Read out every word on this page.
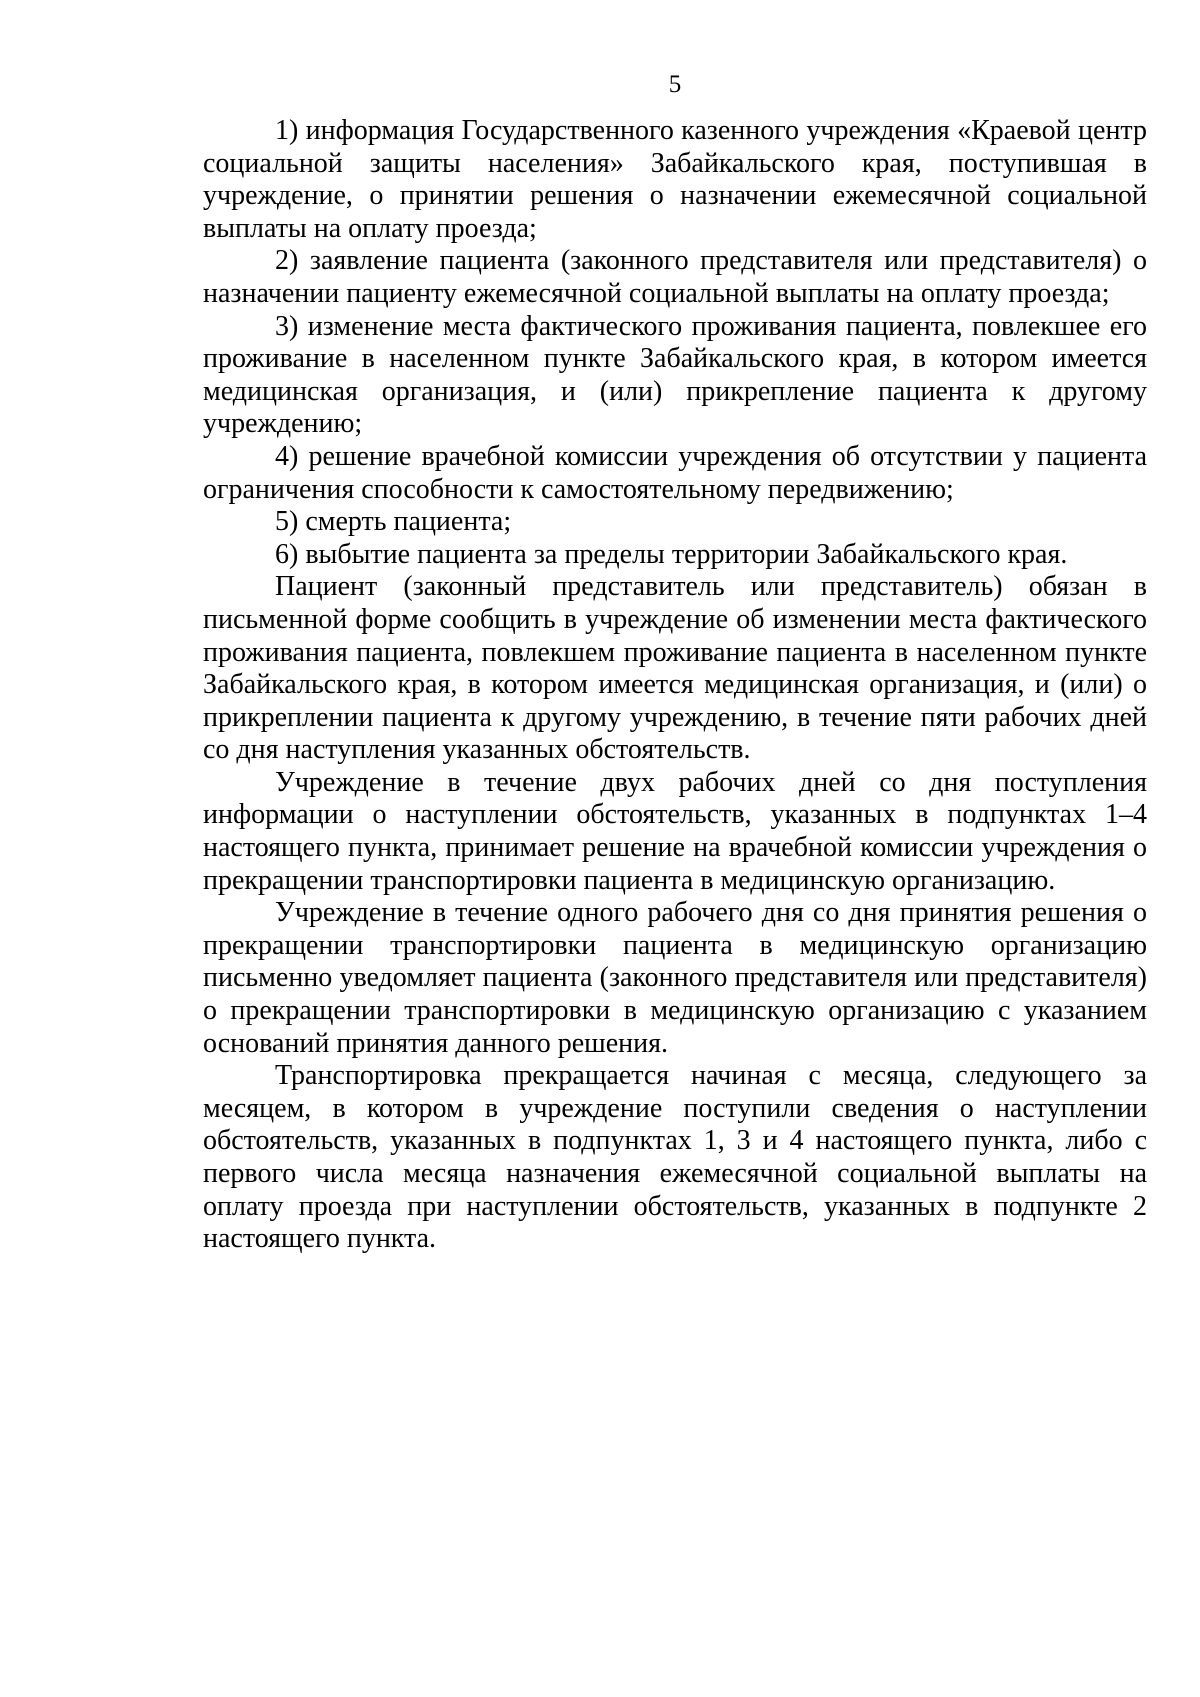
5

1) информация Государственного казенного учреждения «Краевой центр социальной защиты населения» Забайкальского края, поступившая в учреждение, о принятии решения о назначении ежемесячной социальной выплаты на оплату проезда;

2) заявление пациента (законного представителя или представителя) о назначении пациенту ежемесячной социальной выплаты на оплату проезда;

3) изменение места фактического проживания пациента, повлекшее его проживание в населенном пункте Забайкальского края, в котором имеется медицинская организация, и (или) прикрепление пациента к другому учреждению;

4) решение врачебной комиссии учреждения об отсутствии у пациента ограничения способности к самостоятельному передвижению;

5) смерть пациента;

6) выбытие пациента за пределы территории Забайкальского края.

Пациент (законный представитель или представитель) обязан в письменной форме сообщить в учреждение об изменении места фактического проживания пациента, повлекшем проживание пациента в населенном пункте Забайкальского края, в котором имеется медицинская организация, и (или) о прикреплении пациента к другому учреждению, в течение пяти рабочих дней со дня наступления указанных обстоятельств.

Учреждение в течение двух рабочих дней со дня поступления информации о наступлении обстоятельств, указанных в подпунктах 1–4 настоящего пункта, принимает решение на врачебной комиссии учреждения о прекращении транспортировки пациента в медицинскую организацию.

Учреждение в течение одного рабочего дня со дня принятия решения о прекращении транспортировки пациента в медицинскую организацию письменно уведомляет пациента (законного представителя или представителя) о прекращении транспортировки в медицинскую организацию с указанием оснований принятия данного решения.

Транспортировка прекращается начиная с месяца, следующего за месяцем, в котором в учреждение поступили сведения о наступлении обстоятельств, указанных в подпунктах 1, 3 и 4 настоящего пункта, либо с первого числа месяца назначения ежемесячной социальной выплаты на оплату проезда при наступлении обстоятельств, указанных в подпункте 2 настоящего пункта.
